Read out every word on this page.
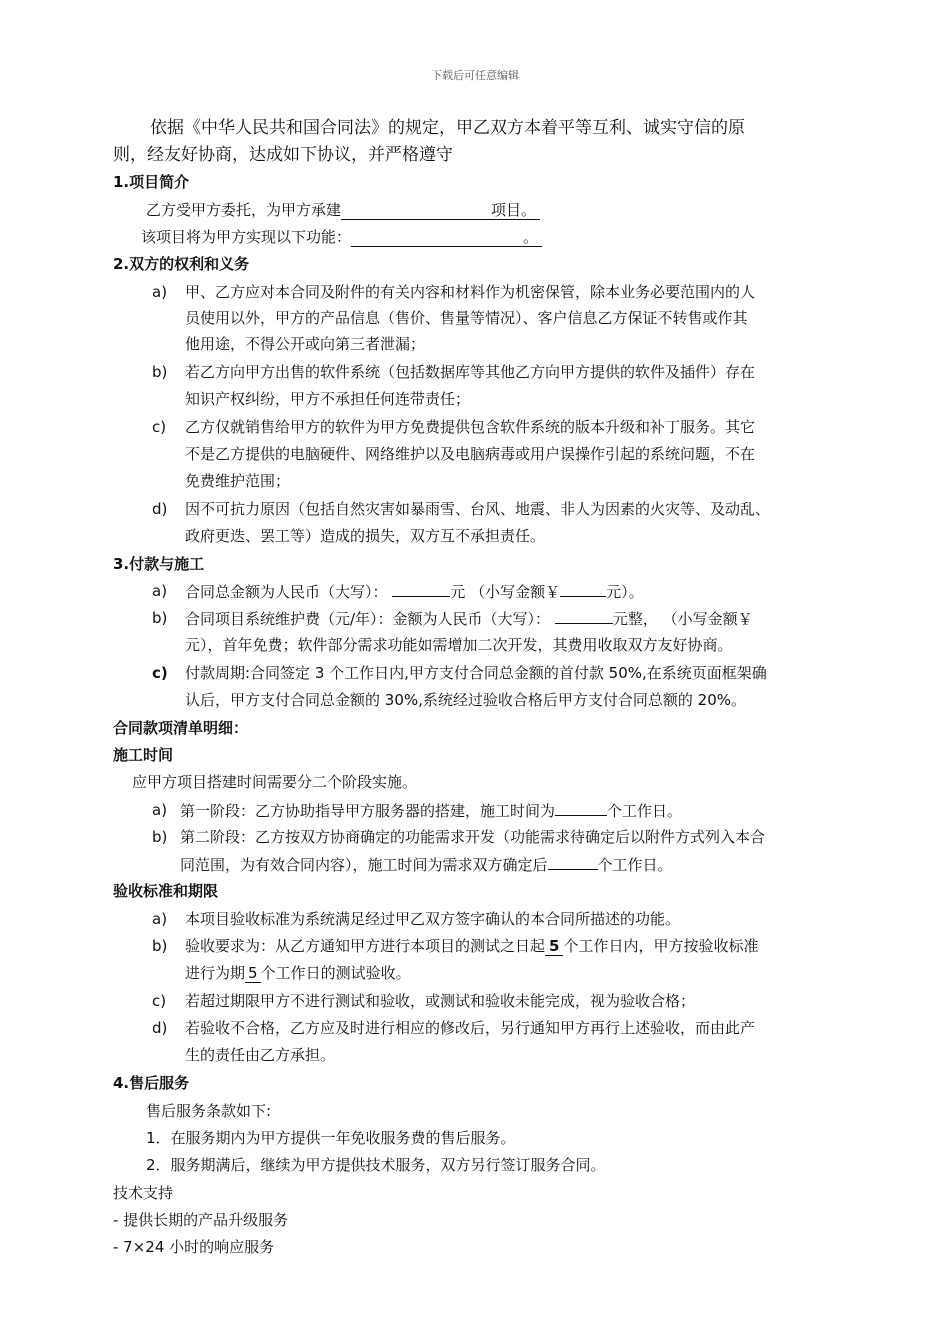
下载后可任意编辑
依据《中华人民共和国合同法》的规定，甲乙双方本着平等互利、诚实守信的原
则，经友好协商，达成如下协议，并严格遵守
1.项目简介
乙方受甲方委托，为甲方承建	项目。
该项目将为甲方实现以下功能：	。
2.双方的权利和义务
a) 甲、乙方应对本合同及附件的有关内容和材料作为机密保管，除本业务必要范围内的人
员使用以外，甲方的产品信息（售价、售量等情况）、客户信息乙方保证不转售或作其
他用途，不得公开或向第三者泄漏；
b) 若乙方向甲方出售的软件系统（包括数据库等其他乙方向甲方提供的软件及插件）存在
知识产权纠纷，甲方不承担任何连带责任；
c) 乙方仅就销售给甲方的软件为甲方免费提供包含软件系统的版本升级和补丁服务。其它
不是乙方提供的电脑硬件、网络维护以及电脑病毒或用户误操作引起的系统问题，不在
免费维护范围；
d) 因不可抗力原因（包括自然灾害如暴雨雪、台风、地震、非人为因素的火灾等、及动乱、
政府更迭、罢工等）造成的损失，双方互不承担责任。
3.付款与施工
a) 合同总金额为人民币（大写）：	元 （小写金额￥	元）。
b) 合同项目系统维护费（元/年）：金额为人民币（大写）：	元整， （小写金额￥
元），首年免费；软件部分需求功能如需增加二次开发，其费用收取双方友好协商。
c) 付款周期:合同签定 3 个工作日内,甲方支付合同总金额的首付款 50%,在系统页面框架确
认后，甲方支付合同总金额的 30%,系统经过验收合格后甲方支付合同总额的 20%。
合同款项清单明细：
施工时间
应甲方项目搭建时间需要分二个阶段实施。
a) 第一阶段：乙方协助指导甲方服务器的搭建，施工时间为	个工作日。
b) 第二阶段：乙方按双方协商确定的功能需求开发（功能需求待确定后以附件方式列入本合
同范围，为有效合同内容），施工时间为需求双方确定后	个工作日。
验收标准和期限
a) 本项目验收标准为系统满足经过甲乙双方签字确认的本合同所描述的功能。
b) 验收要求为：从乙方通知甲方进行本项目的测试之日起 5 个工作日内，甲方按验收标准
进行为期 5 个工作日的测试验收。
c) 若超过期限甲方不进行测试和验收，或测试和验收未能完成，视为验收合格；
d) 若验收不合格，乙方应及时进行相应的修改后，另行通知甲方再行上述验收，而由此产
生的责任由乙方承担。
4.售后服务
售后服务条款如下:
1．在服务期内为甲方提供一年免收服务费的售后服务。
2．服务期满后，继续为甲方提供技术服务，双方另行签订服务合同。
技术支持
- 提供长期的产品升级服务
- 7×24 小时的响应服务
